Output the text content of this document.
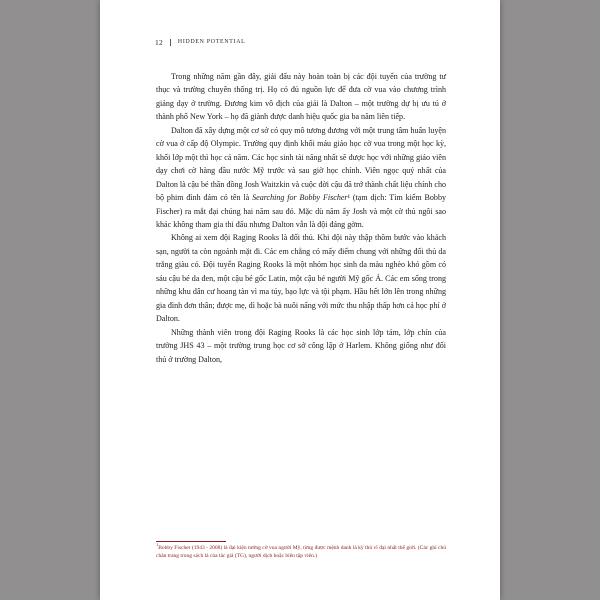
12	HIDDEN POTENTIAL

Trong những năm gần đây, giải đấu này hoàn toàn bị các đội tuyển của trường tư thục và trường chuyên thống trị. Họ có đủ nguồn lực để đưa cờ vua vào chương trình giảng dạy ở trường. Đương kim vô địch của giải là Dalton – một trường dự bị ưu tú ở thành phố New York – họ đã giành được danh hiệu quốc gia ba năm liên tiếp.

Dalton đã xây dựng một cơ sở có quy mô tương đương với một trung tâm huấn luyện cờ vua ở cấp độ Olympic. Trường quy định khối máu giáo học cờ vua trong một học kỳ, khối lớp một thì học cả năm. Các học sinh tài năng nhất sẽ được học với những giáo viên dạy chơi cờ hàng đầu nước Mỹ trước và sau giờ học chính. Viên ngọc quý nhất của Dalton là cậu bé thần đồng Josh Waitzkin và cuộc đời cậu đã trở thành chất liệu chính cho bộ phim đình đám có tên là Searching for Bobby Fischer¹ (tạm dịch: Tìm kiếm Bobby Fischer) ra mắt đại chúng hai năm sau đó. Mặc dù năm ấy Josh và một cờ thủ ngôi sao khác không tham gia thi đấu nhưng Dalton vẫn là đội đáng gờm.

Không ai xem đội Raging Rooks là đối thủ. Khi đội này thập thõm bước vào khách sạn, người ta còn ngoảnh mặt đi. Các em chẳng có mấy điểm chung với những đối thủ da trắng giàu có. Đội tuyển Raging Rooks là một nhóm học sinh da màu nghèo khó gồm có sáu cậu bé da đen, một cậu bé gốc Latin, một cậu bé người Mỹ gốc Á. Các em sống trong những khu dân cư hoang tàn vì ma túy, bạo lực và tội phạm. Hầu hết lớn lên trong những gia đình đơn thân; được mẹ, dì hoặc bà nuôi nấng với mức thu nhập thấp hơn cả học phí ở Dalton.

Những thành viên trong đội Raging Rooks là các học sinh lớp tám, lớp chín của trường JHS 43 – một trường trung học cơ sở công lập ở Harlem. Không giống như đối thủ ở trường Dalton,

$^1$Bobby Fischer (1943 - 2008) là đại kiện tướng cờ vua người Mỹ, từng được mệnh danh là kỳ thủ vĩ đại nhất thế giới. (Các ghi chú chân trang trong sách là của tác giả (TG), người dịch hoặc biên tập viên.)
